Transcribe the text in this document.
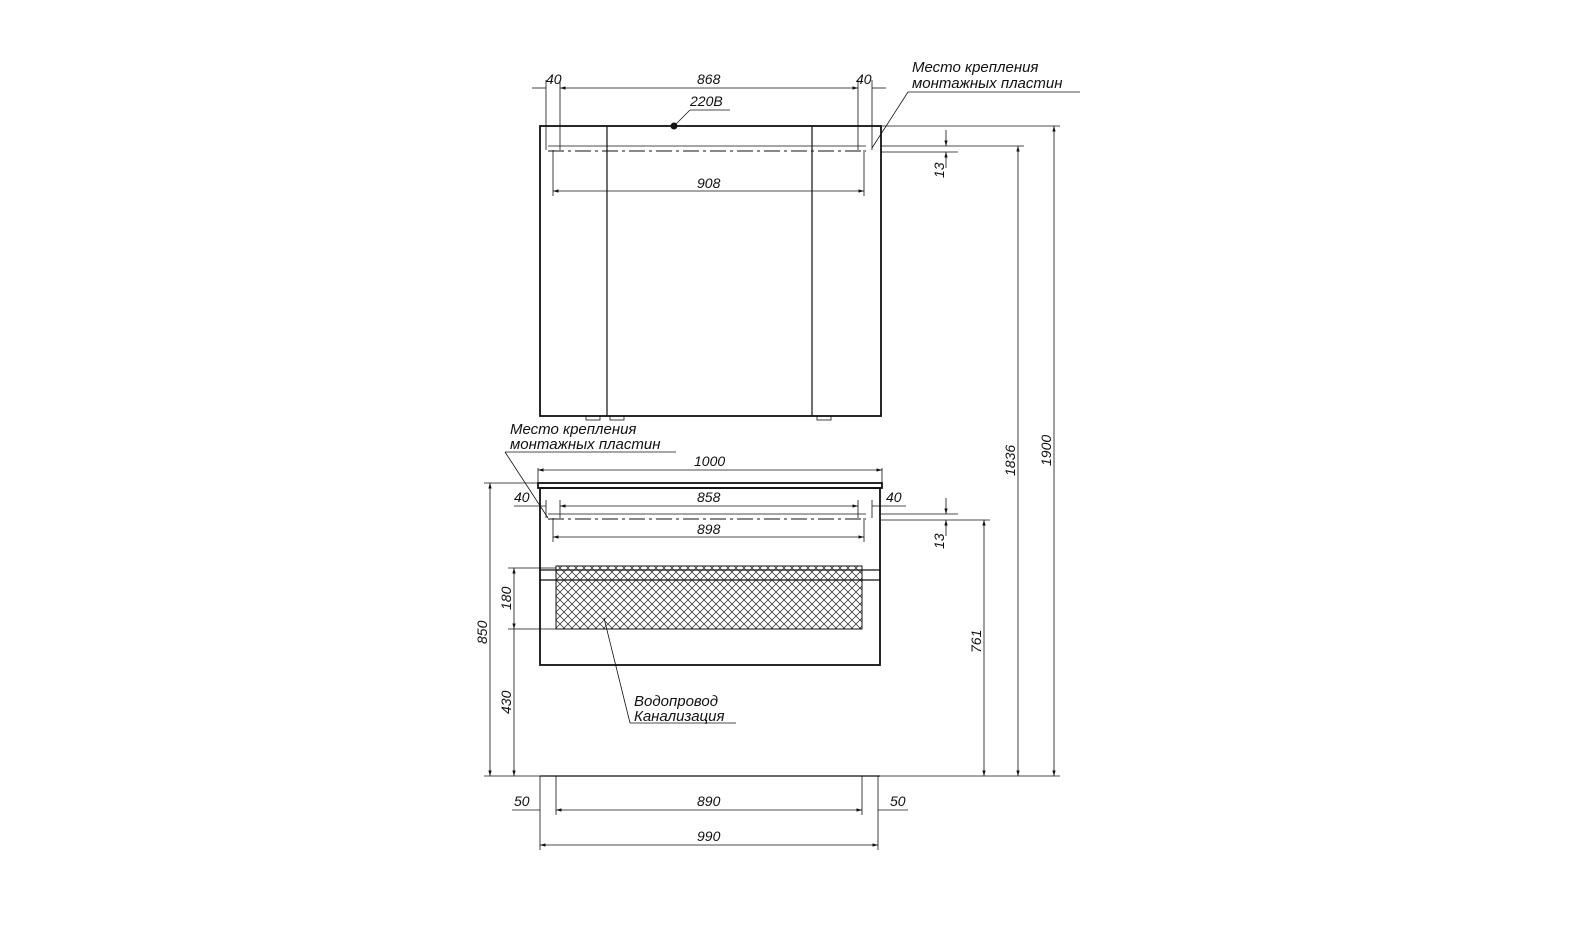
220В
40	868	40
908
Место крепления
монтажных пластин
13
1000
40	858	40
898
Место крепления
монтажных пластин
13
761
850
180
430	Водопровод
Канализация
50	890	50
990
1836 1900
